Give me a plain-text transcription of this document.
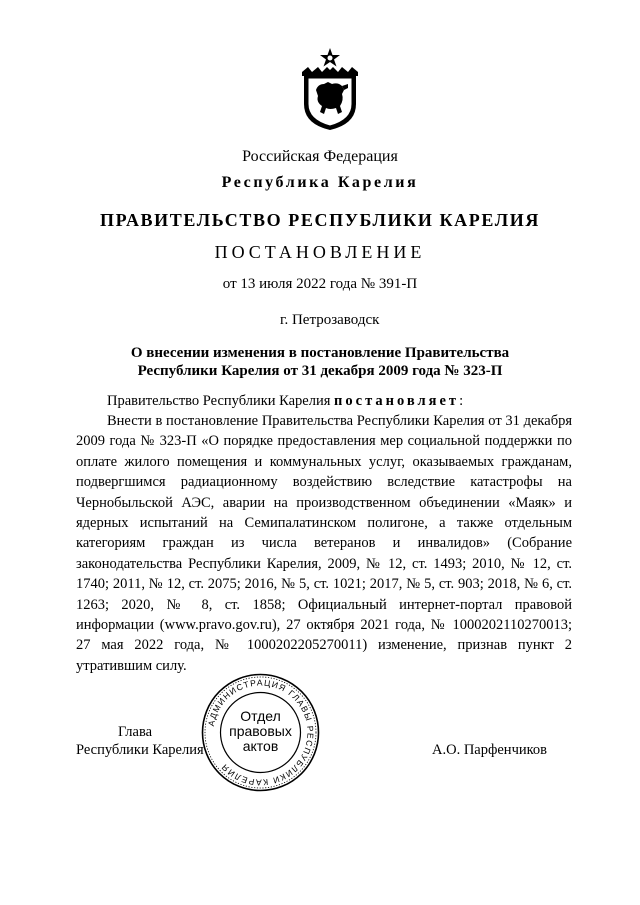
Российская Федерация
Республика Карелия
ПРАВИТЕЛЬСТВО РЕСПУБЛИКИ КАРЕЛИЯ
ПОСТАНОВЛЕНИЕ
от 13 июля 2022 года № 391-П
г. Петрозаводск
О внесении изменения в постановление Правительства
Республики Карелия от 31 декабря 2009 года № 323-П
Правительство Республики Карелия постановляет:
Внести в постановление Правительства Республики Карелия от 31 декабря 2009 года № 323-П «О порядке предоставления мер социальной поддержки по оплате жилого помещения и коммунальных услуг, оказываемых гражданам, подвергшимся радиационному воздействию вследствие катастрофы на Чернобыльской АЭС, аварии на производственном объединении «Маяк» и ядерных испытаний на Семипалатинском полигоне, а также отдельным категориям граждан из числа ветеранов и инвалидов» (Собрание законодательства Республики Карелия, 2009, № 12, ст. 1493; 2010, № 12, ст. 1740; 2011, № 12, ст. 2075; 2016, № 5, ст. 1021; 2017, № 5, ст. 903; 2018, № 6, ст. 1263; 2020, № 8, ст. 1858; Официальный интернет-портал правовой информации (www.pravo.gov.ru), 27 октября 2021 года, № 1000202110270013; 27 мая 2022 года, № 1000202205270011) изменение, признав пункт 2 утратившим силу.
Глава
Республики Карелия	А.О. Парфенчиков
АДМИНИСТРАЦИЯ ГЛАВЫ РЕСПУБЛИКИ КАРЕЛИЯ
Отдел
правовых
актов
